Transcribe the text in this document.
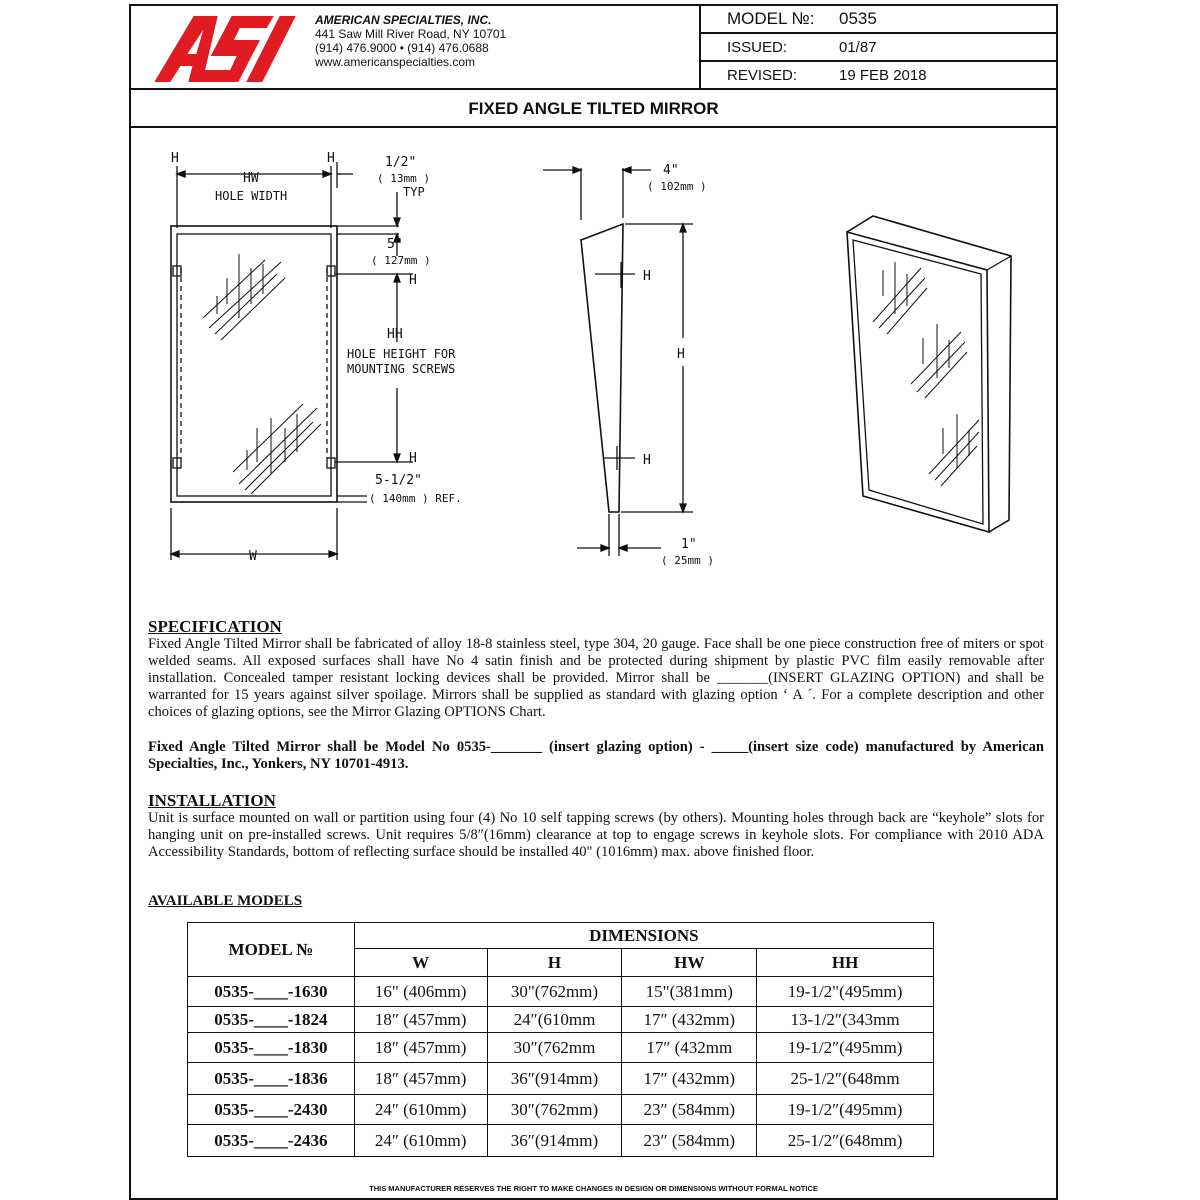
AMERICAN SPECIALTIES, INC.
441 Saw Mill River Road, NY 10701
(914) 476.9000 • (914) 476.0688
www.americanspecialties.com
MODEL №: 0535
ISSUED:	01/87
REVISED:	19 FEB 2018
FIXED ANGLE TILTED MIRROR
H	H
HW
HOLE WIDTH
1/2"
( 13mm )
TYP
5"
( 127mm )
H
HH
HOLE HEIGHT FOR
MOUNTING SCREWS
H
5-1/2"
( 140mm ) REF.
W
4"
( 102mm )
H
H
H
1"
( 25mm )
SPECIFICATION
Fixed Angle Tilted Mirror shall be fabricated of alloy 18-8 stainless steel, type 304, 20 gauge. Face shall be one piece construction free of miters or spot welded seams. All exposed surfaces shall have No 4 satin finish and be protected during shipment by plastic PVC film easily removable after installation. Concealed tamper resistant locking devices shall be provided. Mirror shall be _______(INSERT GLAZING OPTION) and shall be warranted for 15 years against silver spoilage. Mirrors shall be supplied as standard with glazing option ‘ A ´. For a complete description and other choices of glazing options, see the Mirror Glazing OPTIONS Chart.
Fixed Angle Tilted Mirror shall be Model No 0535-_______ (insert glazing option) - _____(insert size code) manufactured by American Specialties, Inc., Yonkers, NY 10701-4913.
INSTALLATION
Unit is surface mounted on wall or partition using four (4) No 10 self tapping screws (by others). Mounting holes through back are “keyhole” slots for hanging unit on pre-installed screws. Unit requires 5/8″(16mm) clearance at top to engage screws in keyhole slots. For compliance with 2010 ADA Accessibility Standards, bottom of reflecting surface should be installed 40" (1016mm) max. above finished floor.
AVAILABLE MODELS
MODEL №	DIMENSIONS			
	W	H	HW	HH
0535-____-1630	16" (406mm)	30"(762mm)	15"(381mm)	19-1/2"(495mm)
0535-____-1824	18″ (457mm)	24″(610mm	17″ (432mm)	13-1/2″(343mm
0535-____-1830	18″ (457mm)	30″(762mm	17″ (432mm	19-1/2″(495mm)
0535-____-1836	18″ (457mm)	36″(914mm)	17″ (432mm)	25-1/2″(648mm
0535-____-2430	24″ (610mm)	30″(762mm)	23″ (584mm)	19-1/2″(495mm)
0535-____-2436	24″ (610mm)	36″(914mm)	23″ (584mm)	25-1/2″(648mm)
THIS MANUFACTURER RESERVES THE RIGHT TO MAKE CHANGES IN DESIGN OR DIMENSIONS WITHOUT FORMAL NOTICE
